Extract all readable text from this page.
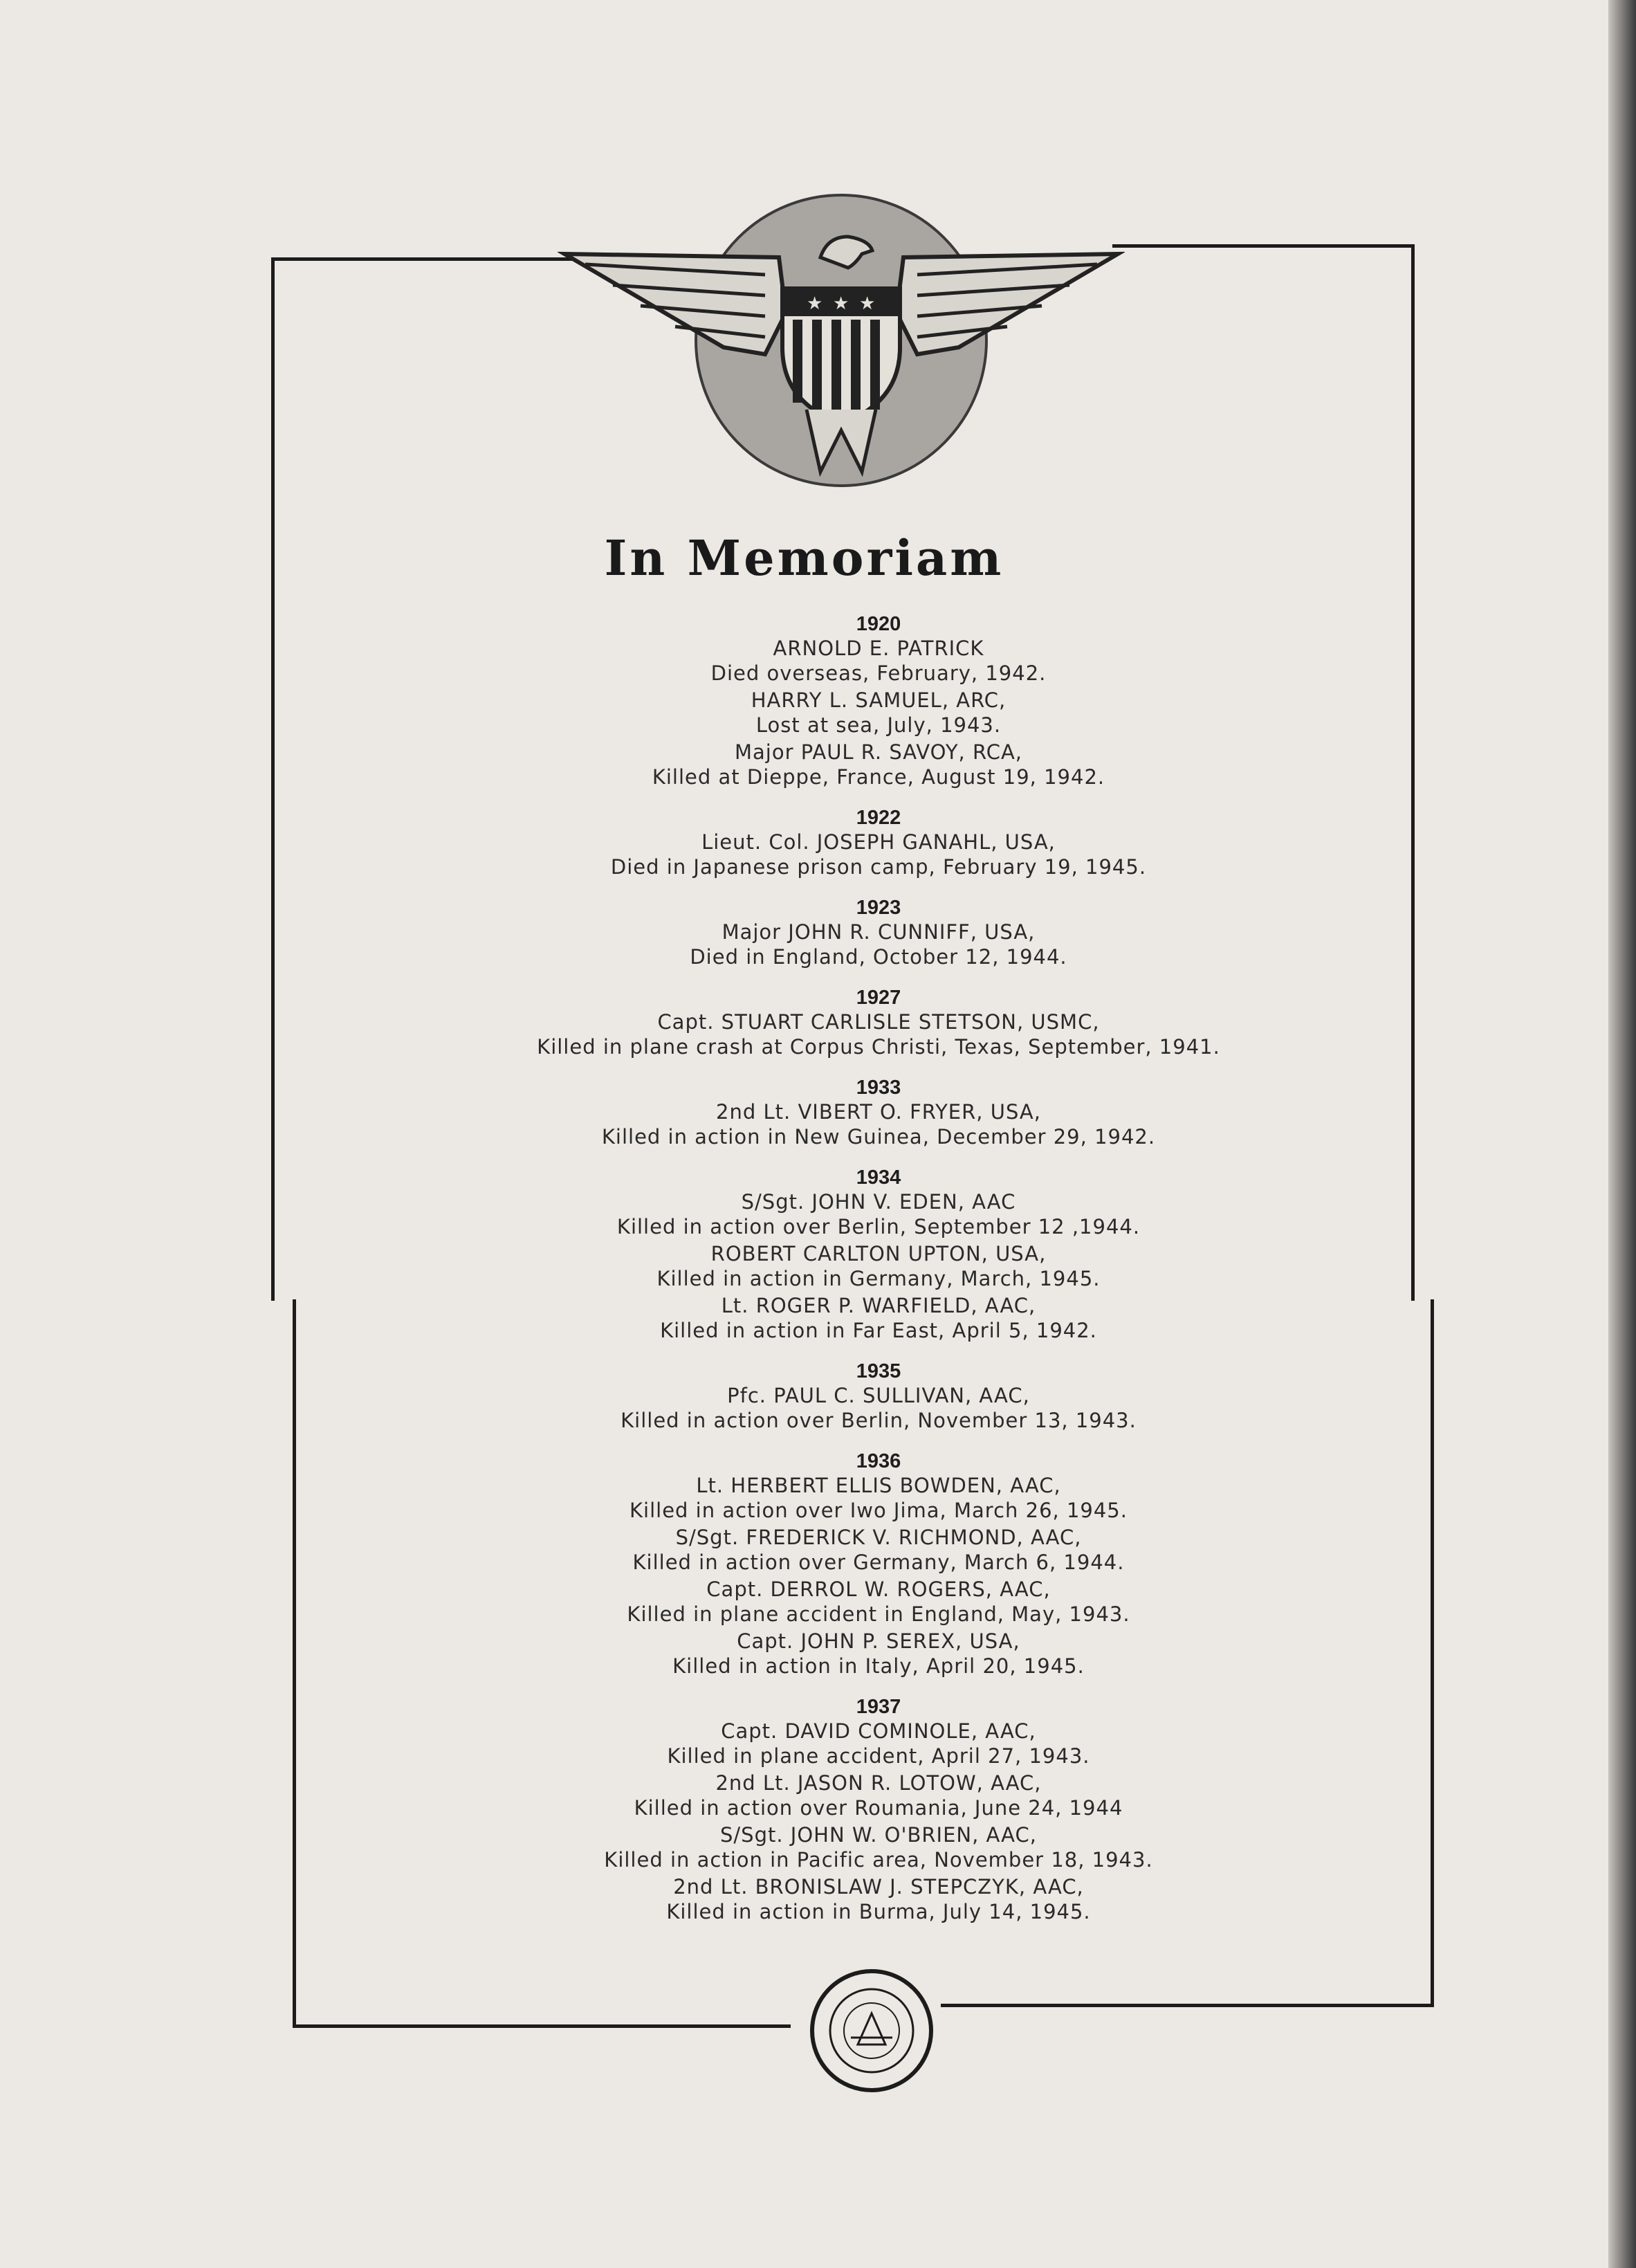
★ ★ ★
In Memoriam
1920
ARNOLD E. PATRICK
Died overseas, February, 1942.
HARRY L. SAMUEL, ARC,
Lost at sea, July, 1943.
Major PAUL R. SAVOY, RCA,
Killed at Dieppe, France, August 19, 1942.
1922
Lieut. Col. JOSEPH GANAHL, USA,
Died in Japanese prison camp, February 19, 1945.
1923
Major JOHN R. CUNNIFF, USA,
Died in England, October 12, 1944.
1927
Capt. STUART CARLISLE STETSON, USMC,
Killed in plane crash at Corpus Christi, Texas, September, 1941.
1933
2nd Lt. VIBERT O. FRYER, USA,
Killed in action in New Guinea, December 29, 1942.
1934
S/Sgt. JOHN V. EDEN, AAC
Killed in action over Berlin, September 12 ,1944.
ROBERT CARLTON UPTON, USA,
Killed in action in Germany, March, 1945.
Lt. ROGER P. WARFIELD, AAC,
Killed in action in Far East, April 5, 1942.
1935
Pfc. PAUL C. SULLIVAN, AAC,
Killed in action over Berlin, November 13, 1943.
1936
Lt. HERBERT ELLIS BOWDEN, AAC,
Killed in action over Iwo Jima, March 26, 1945.
S/Sgt. FREDERICK V. RICHMOND, AAC,
Killed in action over Germany, March 6, 1944.
Capt. DERROL W. ROGERS, AAC,
Killed in plane accident in England, May, 1943.
Capt. JOHN P. SEREX, USA,
Killed in action in Italy, April 20, 1945.
1937
Capt. DAVID COMINOLE, AAC,
Killed in plane accident, April 27, 1943.
2nd Lt. JASON R. LOTOW, AAC,
Killed in action over Roumania, June 24, 1944
S/Sgt. JOHN W. O'BRIEN, AAC,
Killed in action in Pacific area, November 18, 1943.
2nd Lt. BRONISLAW J. STEPCZYK, AAC,
Killed in action in Burma, July 14, 1945.
